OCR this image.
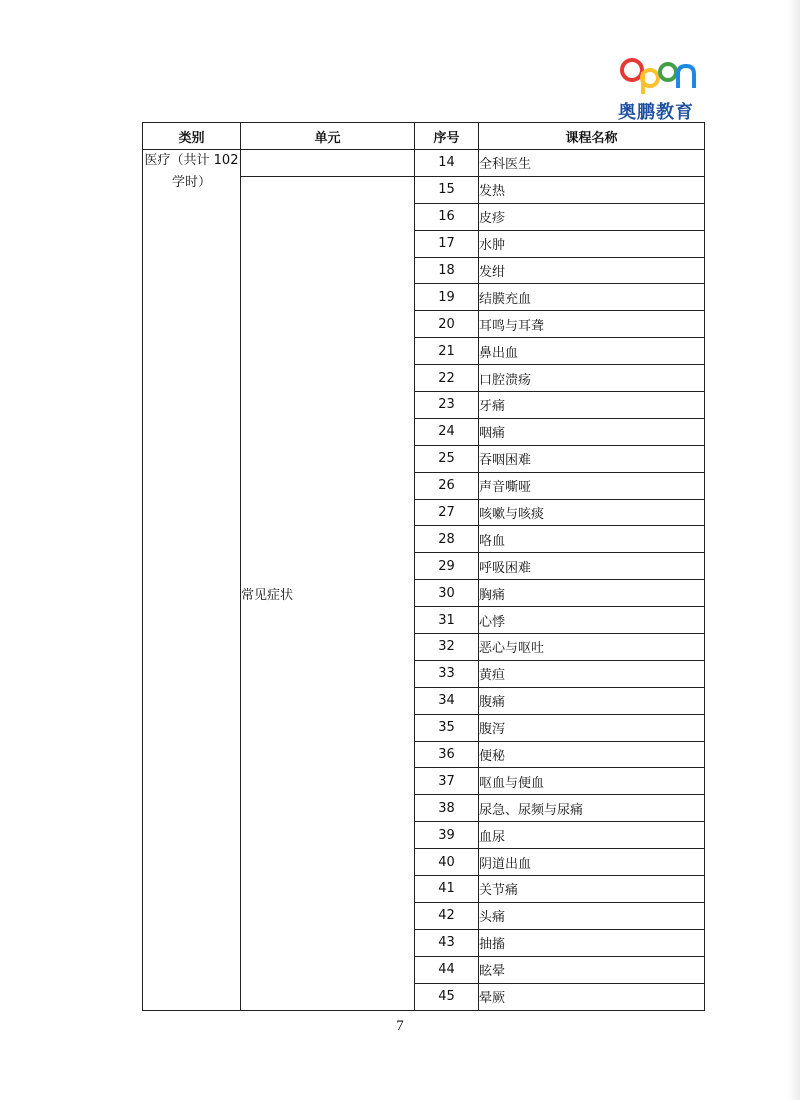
奥鹏教育
类别	单元	序号	课程名称
医疗（共计 102 学时）		14	全科医生
	常见症状	15	发热
		16	皮疹
		17	水肿
		18	发绀
		19	结膜充血
		20	耳鸣与耳聋
		21	鼻出血
		22	口腔溃疡
		23	牙痛
		24	咽痛
		25	吞咽困难
		26	声音嘶哑
		27	咳嗽与咳痰
		28	咯血
		29	呼吸困难
		30	胸痛
		31	心悸
		32	恶心与呕吐
		33	黄疸
		34	腹痛
		35	腹泻
		36	便秘
		37	呕血与便血
		38	尿急、尿频与尿痛
		39	血尿
		40	阴道出血
		41	关节痛
		42	头痛
		43	抽搐
		44	眩晕
		45	晕厥
7
